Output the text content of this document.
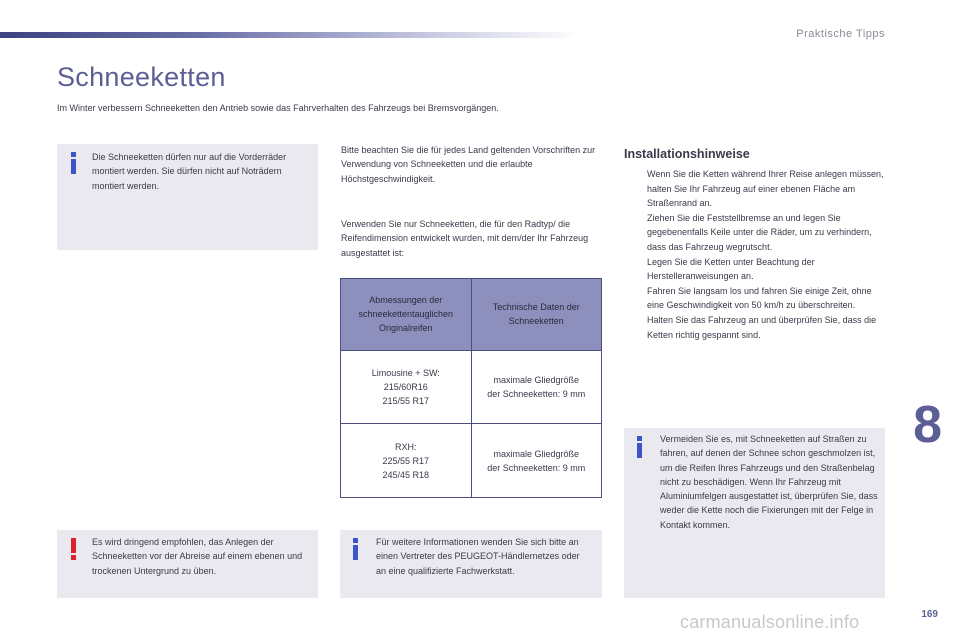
Praktische Tipps
Schneeketten
Im Winter verbessern Schneeketten den Antrieb sowie das Fahrverhalten des Fahrzeugs bei Bremsvorgängen.
Die Schneeketten dürfen nur auf die Vorderräder montiert werden. Sie dürfen nicht auf Noträdern montiert werden.
Bitte beachten Sie die für jedes Land geltenden Vorschriften zur Verwendung von Schneeketten und die erlaubte Höchstgeschwindigkeit.
Verwenden Sie nur Schneeketten, die für den Radtyp/ die Reifendimension entwickelt wurden, mit dem/der Ihr Fahrzeug ausgestattet ist:
Abmessungen der schneekettentauglichen Originalreifen	Technische Daten der Schneeketten
Limousine + SW:
215/60R16
215/55 R17	maximale Gliedgröße
der Schneeketten: 9 mm
RXH:
225/55 R17
245/45 R18	maximale Gliedgröße
der Schneeketten: 9 mm
Installationshinweise
Wenn Sie die Ketten während Ihrer Reise anlegen müssen, halten Sie Ihr Fahrzeug auf einer ebenen Fläche am Straßenrand an.
Ziehen Sie die Feststellbremse an und legen Sie gegebenenfalls Keile unter die Räder, um zu verhindern, dass das Fahrzeug wegrutscht.
Legen Sie die Ketten unter Beachtung der Herstelleranweisungen an.
Fahren Sie langsam los und fahren Sie einige Zeit, ohne eine Geschwindigkeit von 50 km/h zu überschreiten.
Halten Sie das Fahrzeug an und überprüfen Sie, dass die Ketten richtig gespannt sind.
Vermeiden Sie es, mit Schneeketten auf Straßen zu fahren, auf denen der Schnee schon geschmolzen ist, um die Reifen Ihres Fahrzeugs und den Straßenbelag nicht zu beschädigen. Wenn Ihr Fahrzeug mit Aluminiumfelgen ausgestattet ist, überprüfen Sie, dass weder die Kette noch die Fixierungen mit der Felge in Kontakt kommen.
Es wird dringend empfohlen, das Anlegen der Schneeketten vor der Abreise auf einem ebenen und trockenen Untergrund zu üben.
Für weitere Informationen wenden Sie sich bitte an einen Vertreter des PEUGEOT-Händlernetzes oder an eine qualifizierte Fachwerkstatt.
8
169
carmanualsonline.info
